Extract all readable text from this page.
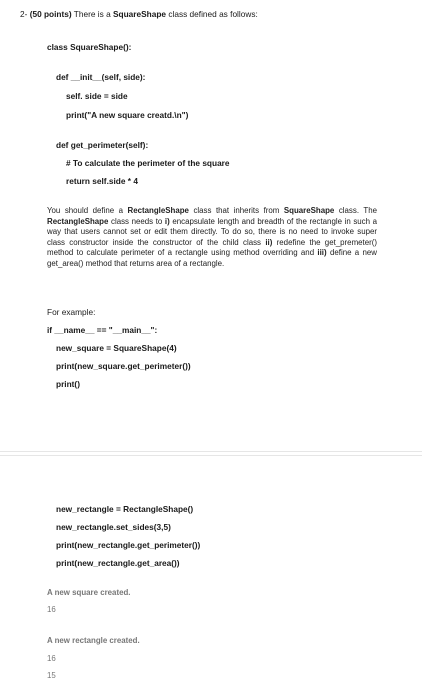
2- (50 points) There is a SquareShape class defined as follows:
class SquareShape():
def __init__(self, side):
self. side = side
print("A new square creatd.\n")
def get_perimeter(self):
# To calculate the perimeter of the square
return self.side * 4
You should define a RectangleShape class that inherits from SquareShape class. The RectangleShape class needs to i) encapsulate length and breadth of the rectangle in such a way that users cannot set or edit them directly. To do so, there is no need to invoke super class constructor inside the constructor of the child class ii) redefine the get_premeter() method to calculate perimeter of a rectangle using method overriding and iii) define a new get_area() method that returns area of a rectangle.
For example:
if __name__ == "__main__":
new_square = SquareShape(4)
print(new_square.get_perimeter())
print()
new_rectangle = RectangleShape()
new_rectangle.set_sides(3,5)
print(new_rectangle.get_perimeter())
print(new_rectangle.get_area())
A new square created.
16
A new rectangle created.
16
15
